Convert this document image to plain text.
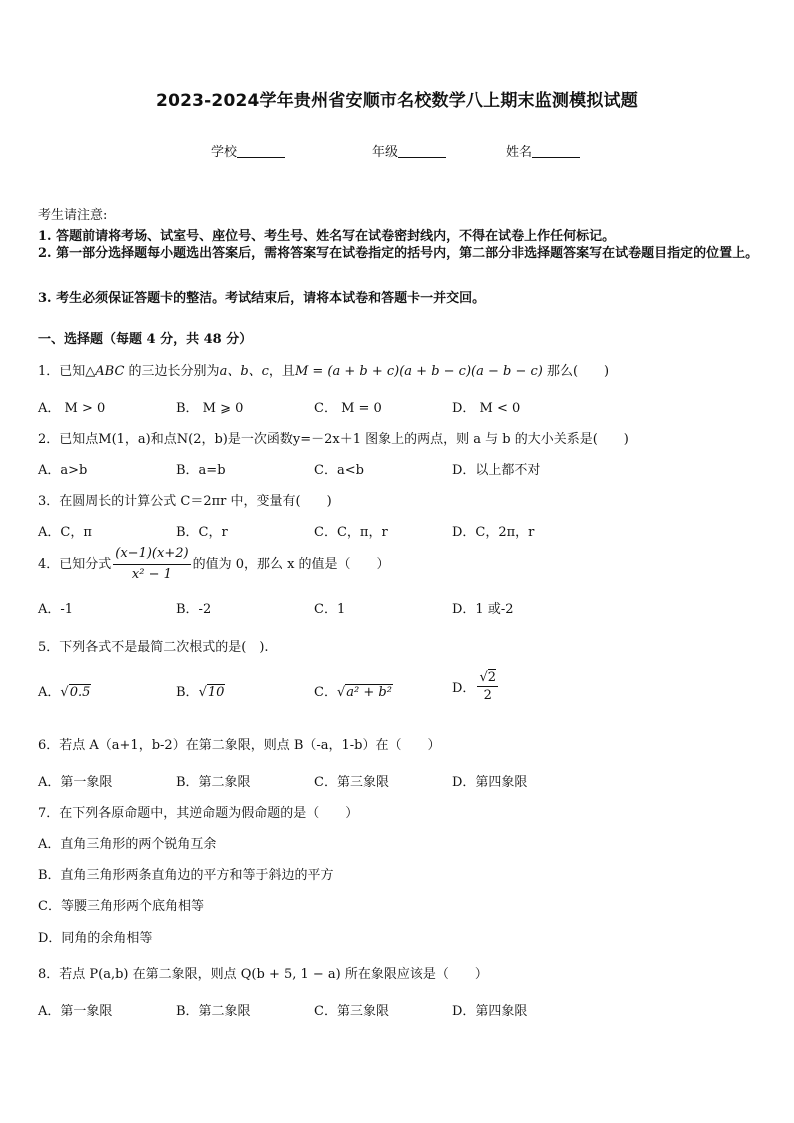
2023-2024学年贵州省安顺市名校数学八上期末监测模拟试题
学校	年级	姓名
考生请注意:
1. 答题前请将考场、试室号、座位号、考生号、姓名写在试卷密封线内，不得在试卷上作任何标记。
2. 第一部分选择题每小题选出答案后，需将答案写在试卷指定的括号内，第二部分非选择题答案写在试卷题目指定的位置上。
3. 考生必须保证答题卡的整洁。考试结束后，请将本试卷和答题卡一并交回。
一、选择题（每题 4 分，共 48 分）
1．已知△ABC 的三边长分别为a、b、c，且M = (a + b + c)(a + b − c)(a − b − c) 那么(　　)
A． M > 0	B． M ⩾ 0	C． M = 0	D． M < 0
2．已知点M(1，a)和点N(2，b)是一次函数y=－2x＋1 图象上的两点，则 a 与 b 的大小关系是(　　)
A．a>b	B．a=b	C．a<b	D．以上都不对
3．在圆周长的计算公式 C＝2πr 中，变量有(　　)
A．C，π	B．C，r	C．C，π，r	D．C，2π，r
4．已知分式 $\frac{(x-1)(x+2)}{\text{x² − 1}}$ 的值为 0，那么 x 的值是（　　）
A．-1	B．-2	C．1	D．1 或-2
5．下列各式不是最简二次根式的是(　).
A．√0.5	B．√10	C．√a² + b²	D． $\frac{√2}{2}$
6．若点 A（a+1，b-2）在第二象限，则点 B（-a，1-b）在（　　）
A．第一象限	B．第二象限	C．第三象限	D．第四象限
7．在下列各原命题中，其逆命题为假命题的是（　　）
A．直角三角形的两个锐角互余
B．直角三角形两条直角边的平方和等于斜边的平方
C．等腰三角形两个底角相等
D．同角的余角相等
8．若点 P(a,b) 在第二象限，则点 Q(b + 5, 1 − a) 所在象限应该是（　　）
A．第一象限	B．第二象限	C．第三象限	D．第四象限
